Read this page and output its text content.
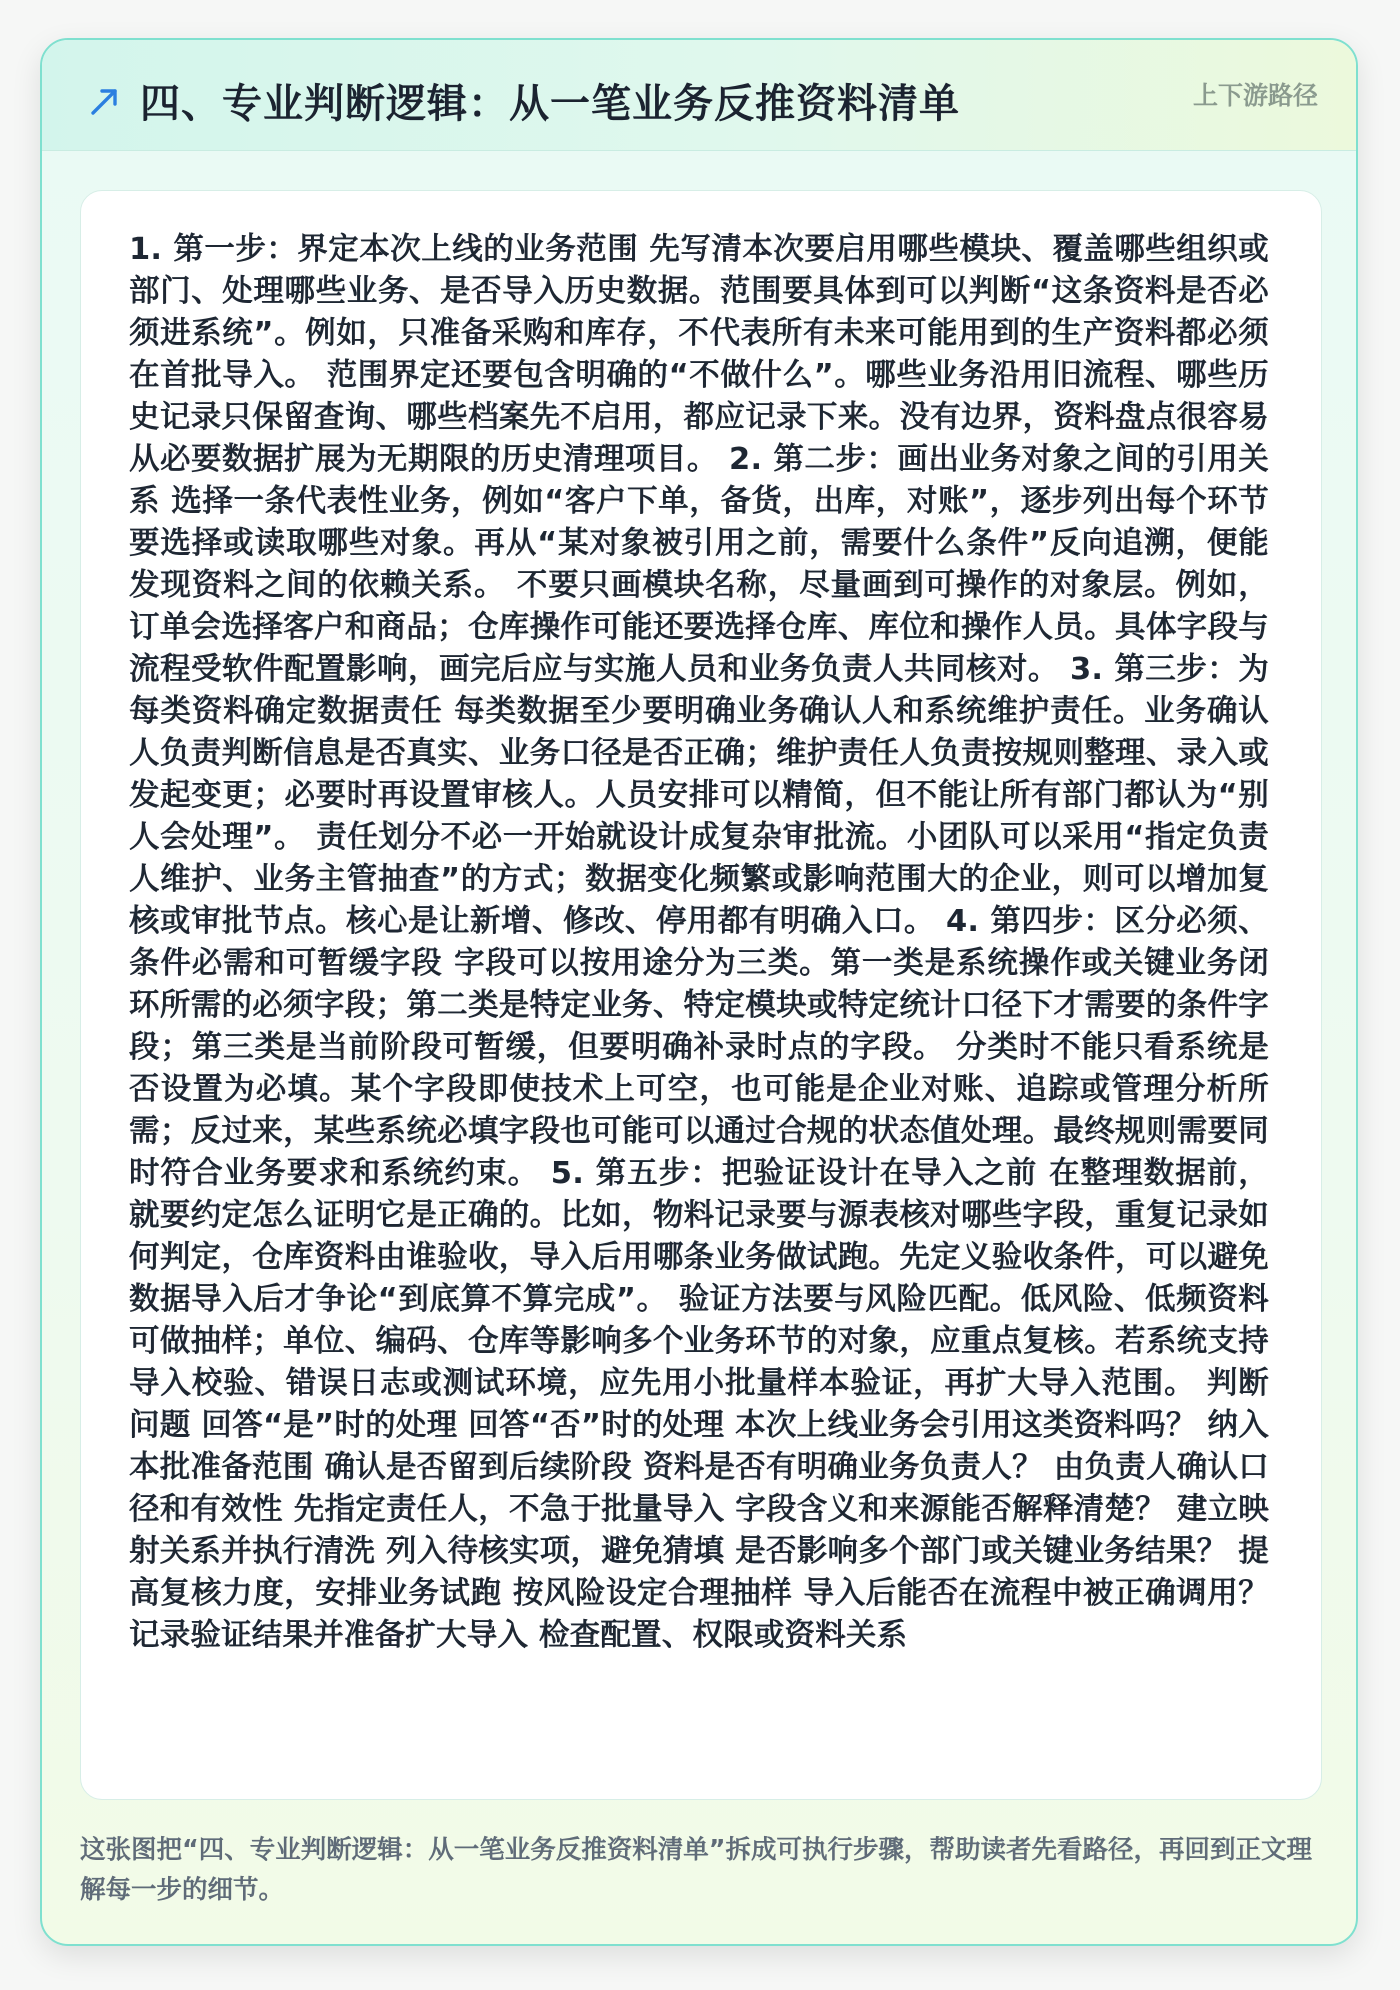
四、专业判断逻辑：从一笔业务反推资料清单	上下游路径

1. 第一步：界定本次上线的业务范围 先写清本次要启用哪些模块、覆盖哪些组织或部门、处理哪些业务、是否导入历史数据。范围要具体到可以判断“这条资料是否必须进系统”。例如，只准备采购和库存，不代表所有未来可能用到的生产资料都必须在首批导入。 范围界定还要包含明确的“不做什么”。哪些业务沿用旧流程、哪些历史记录只保留查询、哪些档案先不启用，都应记录下来。没有边界，资料盘点很容易从必要数据扩展为无期限的历史清理项目。 2. 第二步：画出业务对象之间的引用关系 选择一条代表性业务，例如“客户下单，备货，出库，对账”，逐步列出每个环节要选择或读取哪些对象。再从“某对象被引用之前，需要什么条件”反向追溯，便能发现资料之间的依赖关系。 不要只画模块名称，尽量画到可操作的对象层。例如，订单会选择客户和商品；仓库操作可能还要选择仓库、库位和操作人员。具体字段与流程受软件配置影响，画完后应与实施人员和业务负责人共同核对。 3. 第三步：为每类资料确定数据责任 每类数据至少要明确业务确认人和系统维护责任。业务确认人负责判断信息是否真实、业务口径是否正确；维护责任人负责按规则整理、录入或发起变更；必要时再设置审核人。人员安排可以精简，但不能让所有部门都认为“别人会处理”。 责任划分不必一开始就设计成复杂审批流。小团队可以采用“指定负责人维护、业务主管抽查”的方式；数据变化频繁或影响范围大的企业，则可以增加复核或审批节点。核心是让新增、修改、停用都有明确入口。 4. 第四步：区分必须、条件必需和可暂缓字段 字段可以按用途分为三类。第一类是系统操作或关键业务闭环所需的必须字段；第二类是特定业务、特定模块或特定统计口径下才需要的条件字段；第三类是当前阶段可暂缓，但要明确补录时点的字段。 分类时不能只看系统是否设置为必填。某个字段即使技术上可空，也可能是企业对账、追踪或管理分析所需；反过来，某些系统必填字段也可能可以通过合规的状态值处理。最终规则需要同时符合业务要求和系统约束。 5. 第五步：把验证设计在导入之前 在整理数据前，就要约定怎么证明它是正确的。比如，物料记录要与源表核对哪些字段，重复记录如何判定，仓库资料由谁验收，导入后用哪条业务做试跑。先定义验收条件，可以避免数据导入后才争论“到底算不算完成”。 验证方法要与风险匹配。低风险、低频资料可做抽样；单位、编码、仓库等影响多个业务环节的对象，应重点复核。若系统支持导入校验、错误日志或测试环境，应先用小批量样本验证，再扩大导入范围。 判断问题 回答“是”时的处理 回答“否”时的处理 本次上线业务会引用这类资料吗？ 纳入本批准备范围 确认是否留到后续阶段 资料是否有明确业务负责人？ 由负责人确认口径和有效性 先指定责任人，不急于批量导入 字段含义和来源能否解释清楚？ 建立映射关系并执行清洗 列入待核实项，避免猜填 是否影响多个部门或关键业务结果？ 提高复核力度，安排业务试跑 按风险设定合理抽样 导入后能否在流程中被正确调用？ 记录验证结果并准备扩大导入 检查配置、权限或资料关系

这张图把“四、专业判断逻辑：从一笔业务反推资料清单”拆成可执行步骤，帮助读者先看路径，再回到正文理解每一步的细节。
